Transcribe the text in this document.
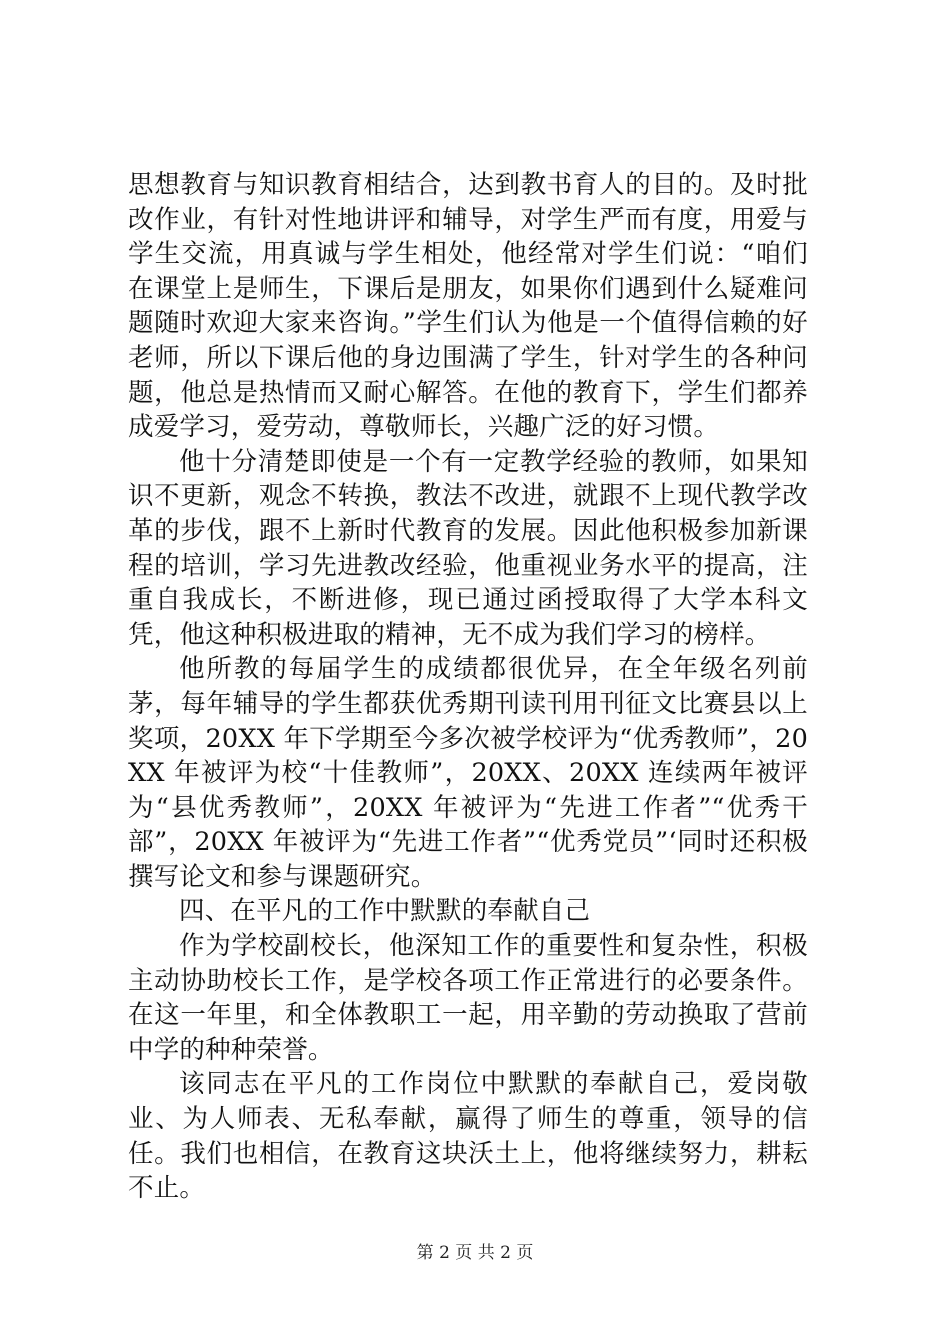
思想教育与知识教育相结合，达到教书育人的目的。及时批改作业，有针对性地讲评和辅导，对学生严而有度，用爱与学生交流，用真诚与学生相处，他经常对学生们说：“咱们在课堂上是师生，下课后是朋友，如果你们遇到什么疑难问题随时欢迎大家来咨询。”学生们认为他是一个值得信赖的好老师，所以下课后他的身边围满了学生，针对学生的各种问题，他总是热情而又耐心解答。在他的教育下，学生们都养成爱学习，爱劳动，尊敬师长，兴趣广泛的好习惯。

他十分清楚即使是一个有一定教学经验的教师，如果知识不更新，观念不转换，教法不改进，就跟不上现代教学改革的步伐，跟不上新时代教育的发展。因此他积极参加新课程的培训，学习先进教改经验，他重视业务水平的提高，注重自我成长，不断进修，现已通过函授取得了大学本科文凭，他这种积极进取的精神，无不成为我们学习的榜样。

他所教的每届学生的成绩都很优异，在全年级名列前茅，每年辅导的学生都获优秀期刊读刊用刊征文比赛县以上奖项，20XX 年下学期至今多次被学校评为“优秀教师”，20XX 年被评为校“十佳教师”，20XX、20XX 连续两年被评为“县优秀教师”，20XX 年被评为“先进工作者”“优秀干部”，20XX 年被评为“先进工作者”“优秀党员”‘同时还积极撰写论文和参与课题研究。

四、在平凡的工作中默默的奉献自己

作为学校副校长，他深知工作的重要性和复杂性，积极主动协助校长工作，是学校各项工作正常进行的必要条件。在这一年里，和全体教职工一起，用辛勤的劳动换取了营前中学的种种荣誉。

该同志在平凡的工作岗位中默默的奉献自己，爱岗敬业、为人师表、无私奉献，赢得了师生的尊重，领导的信任。我们也相信，在教育这块沃土上，他将继续努力，耕耘不止。

第 2 页 共 2 页
